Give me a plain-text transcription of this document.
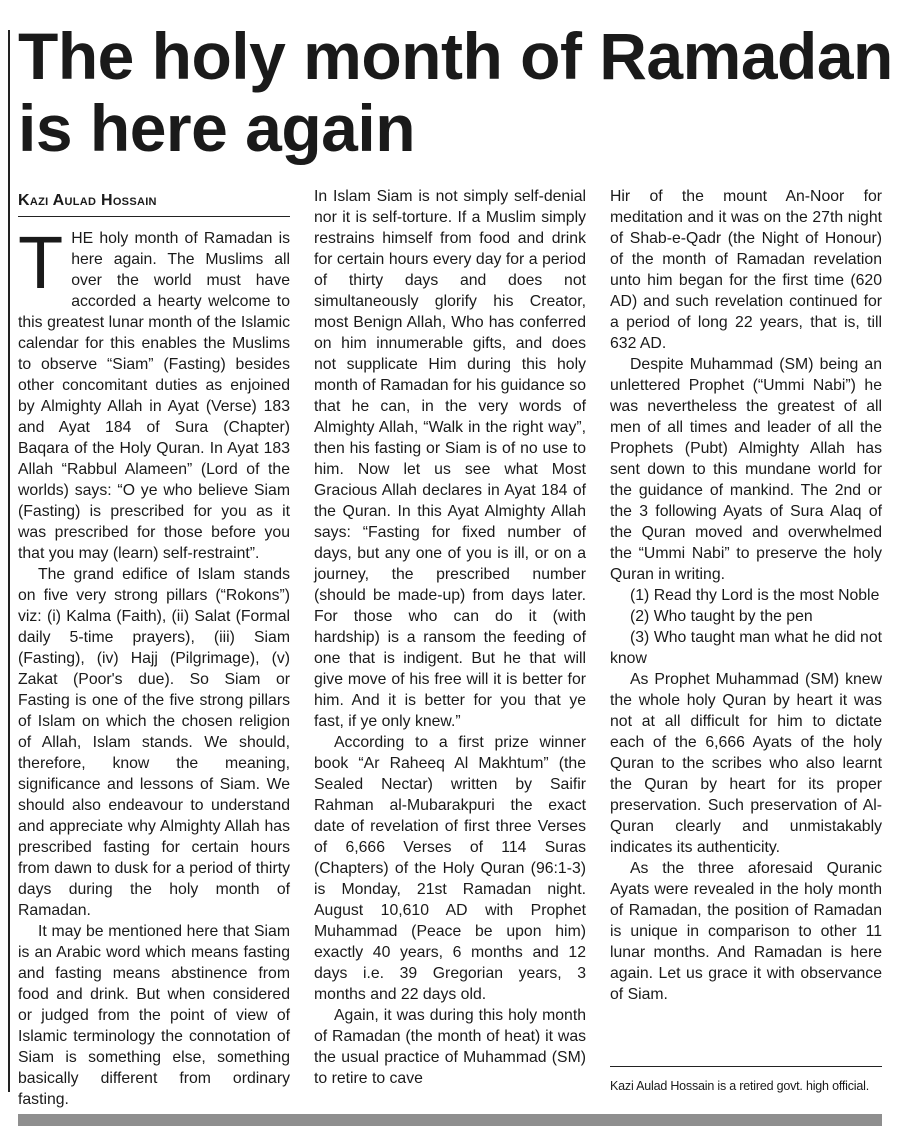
The holy month of Ramadan
is here again
Kazi Aulad Hossain

THE holy month of Ramadan is here again. The Muslims all over the world must have accorded a hearty welcome to this greatest lunar month of the Islamic calendar for this enables the Muslims to observe “Siam” (Fasting) besides other concomitant duties as enjoined by Almighty Allah in Ayat (Verse) 183 and Ayat 184 of Sura (Chapter) Baqara of the Holy Quran. In Ayat 183 Allah “Rabbul Alameen” (Lord of the worlds) says: “O ye who believe Siam (Fasting) is prescribed for you as it was prescribed for those before you that you may (learn) self-restraint”.

The grand edifice of Islam stands on five very strong pillars (“Rokons”) viz: (i) Kalma (Faith), (ii) Salat (Formal daily 5-time prayers), (iii) Siam (Fasting), (iv) Hajj (Pilgrimage), (v) Zakat (Poor's due). So Siam or Fasting is one of the five strong pillars of Islam on which the chosen religion of Allah, Islam stands. We should, therefore, know the meaning, significance and lessons of Siam. We should also endeavour to understand and appreciate why Almighty Allah has prescribed fasting for certain hours from dawn to dusk for a period of thirty days during the holy month of Ramadan.

It may be mentioned here that Siam is an Arabic word which means fasting and fasting means abstinence from food and drink. But when considered or judged from the point of view of Islamic terminology the connotation of Siam is something else, something basically different from ordinary fasting.

In Islam Siam is not simply self-denial nor it is self-torture. If a Muslim simply restrains himself from food and drink for certain hours every day for a period of thirty days and does not simultaneously glorify his Creator, most Benign Allah, Who has conferred on him innumerable gifts, and does not supplicate Him during this holy month of Ramadan for his guidance so that he can, in the very words of Almighty Allah, “Walk in the right way”, then his fasting or Siam is of no use to him. Now let us see what Most Gracious Allah declares in Ayat 184 of the Quran. In this Ayat Almighty Allah says: “Fasting for fixed number of days, but any one of you is ill, or on a journey, the prescribed number (should be made-up) from days later. For those who can do it (with hardship) is a ransom the feeding of one that is indigent. But he that will give move of his free will it is better for him. And it is better for you that ye fast, if ye only knew.”

According to a first prize winner book “Ar Raheeq Al Makhtum” (the Sealed Nectar) written by Saifir Rahman al-Mubarakpuri the exact date of revelation of first three Verses of 6,666 Verses of 114 Suras (Chapters) of the Holy Quran (96:1-3) is Monday, 21st Ramadan night. August 10,610 AD with Prophet Muhammad (Peace be upon him) exactly 40 years, 6 months and 12 days i.e. 39 Gregorian years, 3 months and 22 days old.

Again, it was during this holy month of Ramadan (the month of heat) it was the usual practice of Muhammad (SM) to retire to cave

Hir of the mount An-Noor for meditation and it was on the 27th night of Shab-e-Qadr (the Night of Honour) of the month of Ramadan revelation unto him began for the first time (620 AD) and such revelation continued for a period of long 22 years, that is, till 632 AD.

Despite Muhammad (SM) being an unlettered Prophet (“Ummi Nabi”) he was nevertheless the greatest of all men of all times and leader of all the Prophets (Pubt) Almighty Allah has sent down to this mundane world for the guidance of mankind. The 2nd or the 3 following Ayats of Sura Alaq of the Quran moved and overwhelmed the “Ummi Nabi” to preserve the holy Quran in writing.

(1) Read thy Lord is the most Noble

(2) Who taught by the pen

(3) Who taught man what he did not know

As Prophet Muhammad (SM) knew the whole holy Quran by heart it was not at all difficult for him to dictate each of the 6,666 Ayats of the holy Quran to the scribes who also learnt the Quran by heart for its proper preservation. Such preservation of Al-Quran clearly and unmistakably indicates its authenticity.

As the three aforesaid Quranic Ayats were revealed in the holy month of Ramadan, the position of Ramadan is unique in comparison to other 11 lunar months. And Ramadan is here again. Let us grace it with observance of Siam.

Kazi Aulad Hossain is a retired govt. high official.
